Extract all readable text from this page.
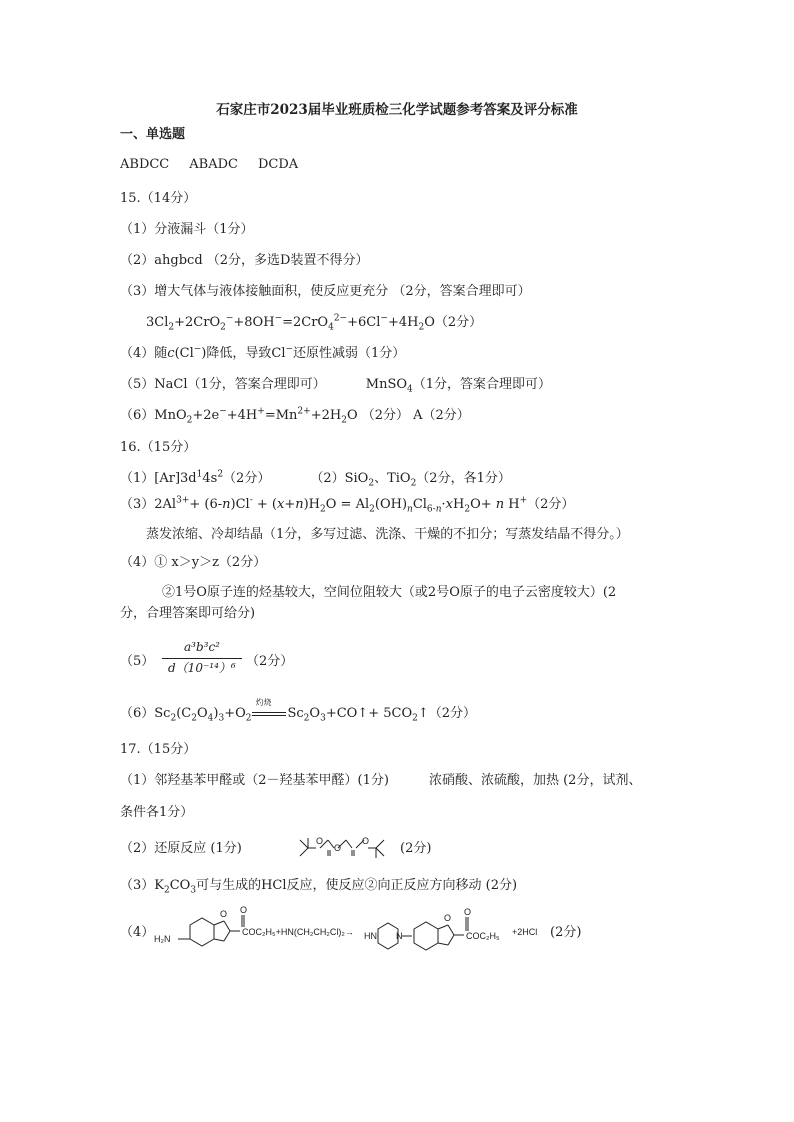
石家庄市2023届毕业班质检三化学试题参考答案及评分标准
一、单选题
ABDCC ABADC DCDA
15.（14分）
（1）分液漏斗（1分）
（2）ahgbcd （2分，多选D装置不得分）
（3）增大气体与液体接触面积，使反应更充分 （2分，答案合理即可）
$3Cl_2+2CrO_2^-+8OH^-=2CrO_4^{2-}+6Cl^-+4H_2O(2$分）
（4）随c(Cl−)降低，导致Cl−还原性减弱（1分）
（5）NaCl（1分，答案合理即可）	MnSO$_4$（1分，答案合理即可）
$(6)MnO_2+2e^-+4H^+=Mn^{2+}+2H_2O$ （2分） A（2分）
16.（15分）
$(1)[Ar]3d^14s^2(2$分）	（2）SiO$_2$、TiO$_2$（2分，各1分）
$(3)2Al^{3+}+ (6-n)Cl^- + (x+n)H_2O = Al_2(OH)_nCl_{6-n}\cdot xH_2O+ n$ H+（2分）
蒸发浓缩、冷却结晶（1分，多写过滤、洗涤、干燥的不扣分；写蒸发结晶不得分。）
（4）① x＞y＞z（2分）
②1号O原子连的烃基较大，空间位阻较大（或2号O原子的电子云密度较大）(2
分，合理答案即可给分)
（5）
a³b³c²
d（10⁻¹⁴）⁶ （2分）
$(6)Sc_2(C_2O_4)_3+O_2$
灼烧
$Sc_2O_3+CO↑+$ $5CO_2↑(2$分）
17.（15分）
（1）邻羟基苯甲醛或（2－羟基苯甲醛）(1分)	浓硝酸、浓硫酸，加热 (2分，试剂、
条件各1分）
（2）还原反应 (1分)	O
O
O (2分)
$(3)K_2CO_3$可与生成的HCl反应，使反应②向正反应方向移动 (2分)
（4） H₂N
O O
COC₂H₅+HN(CH₂CH₂Cl)₂→ HN N
O
O
COC₂H₅ +2HCl (2分)
